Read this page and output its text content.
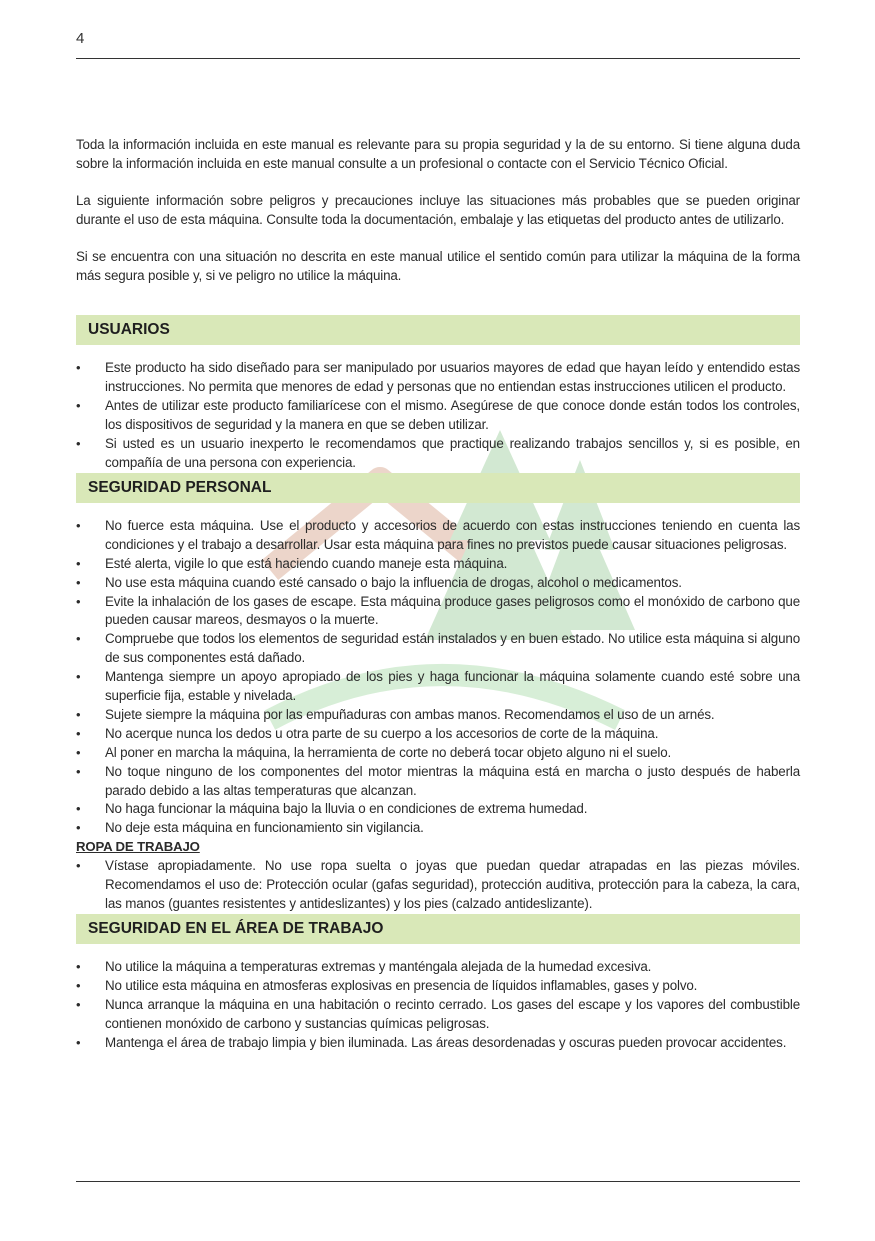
4

Toda la información incluida en este manual es relevante para su propia seguridad y la de su entorno. Si tiene alguna duda sobre la información incluida en este manual consulte a un profesional o contacte con el Servicio Técnico Oficial.

La siguiente información sobre peligros y precauciones incluye las situaciones más probables que se pueden originar durante el uso de esta máquina. Consulte toda la documentación, embalaje y las etiquetas del producto antes de utilizarlo.

Si se encuentra con una situación no descrita en este manual utilice el sentido común para utilizar la máquina de la forma más segura posible y, si ve peligro no utilice la máquina.

USUARIOS
• Este producto ha sido diseñado para ser manipulado por usuarios mayores de edad que hayan leído y entendido estas instrucciones. No permita que menores de edad y personas que no entiendan estas instrucciones utilicen el producto.
• Antes de utilizar este producto familiarícese con el mismo. Asegúrese de que conoce donde están todos los controles, los dispositivos de seguridad y la manera en que se deben utilizar.
• Si usted es un usuario inexperto le recomendamos que practique realizando trabajos sencillos y, si es posible, en compañía de una persona con experiencia.
SEGURIDAD PERSONAL
• No fuerce esta máquina. Use el producto y accesorios de acuerdo con estas instrucciones teniendo en cuenta las condiciones y el trabajo a desarrollar. Usar esta máquina para fines no previstos puede causar situaciones peligrosas.
• Esté alerta, vigile lo que está haciendo cuando maneje esta máquina.
• No use esta máquina cuando esté cansado o bajo la influencia de drogas, alcohol o medicamentos.
• Evite la inhalación de los gases de escape. Esta máquina produce gases peligrosos como el monóxido de carbono que pueden causar mareos, desmayos o la muerte.
• Compruebe que todos los elementos de seguridad están instalados y en buen estado. No utilice esta máquina si alguno de sus componentes está dañado.
• Mantenga siempre un apoyo apropiado de los pies y haga funcionar la máquina solamente cuando esté sobre una superficie fija, estable y nivelada.
• Sujete siempre la máquina por las empuñaduras con ambas manos. Recomendamos el uso de un arnés.
• No acerque nunca los dedos u otra parte de su cuerpo a los accesorios de corte de la máquina.
• Al poner en marcha la máquina, la herramienta de corte no deberá tocar objeto alguno ni el suelo.
• No toque ninguno de los componentes del motor mientras la máquina está en marcha o justo después de haberla parado debido a las altas temperaturas que alcanzan.
• No haga funcionar la máquina bajo la lluvia o en condiciones de extrema humedad.
• No deje esta máquina en funcionamiento sin vigilancia.
ROPA DE TRABAJO
• Vístase apropiadamente. No use ropa suelta o joyas que puedan quedar atrapadas en las piezas móviles. Recomendamos el uso de: Protección ocular (gafas seguridad), protección auditiva, protección para la cabeza, la cara, las manos (guantes resistentes y antideslizantes) y los pies (calzado antideslizante).
SEGURIDAD EN EL ÁREA DE TRABAJO
• No utilice la máquina a temperaturas extremas y manténgala alejada de la humedad excesiva.
• No utilice esta máquina en atmosferas explosivas en presencia de líquidos inflamables, gases y polvo.
• Nunca arranque la máquina en una habitación o recinto cerrado. Los gases del escape y los vapores del combustible contienen monóxido de carbono y sustancias químicas peligrosas.
• Mantenga el área de trabajo limpia y bien iluminada. Las áreas desordenadas y oscuras pueden provocar accidentes.
